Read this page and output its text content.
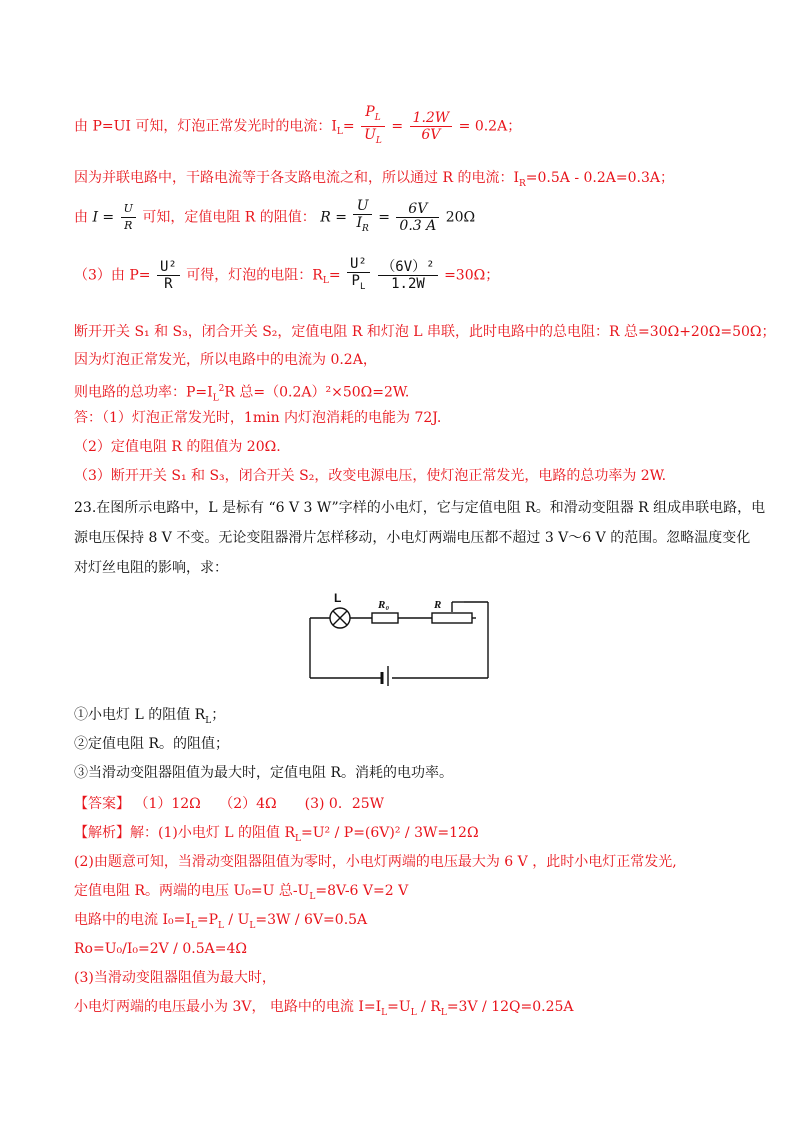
由 P=UI 可知，灯泡正常发光时的电流：$I_L= \frac{P_L}{U_L} = \frac{1.2W}{6V} = 0.2A$；
因为并联电路中，干路电流等于各支路电流之和，所以通过 R 的电流：$I_R=0.5A - 0.2A=0.3A$；
由 $I = \frac{U}{R}$ 可知，定值电阻 R 的阻值： $R = \frac{U}{I_R} = \frac{6V}{0.3 A} 20\Omega$
（3）由 $P= \frac{\text{U²}}{R}$ 可得，灯泡的电阻：$R_L= \frac{\text{U²}}{P_L}$
$\frac{\text{（6V）²}}{1.2W} =30\Omega$；
断开开关 S₁ 和 S₃，闭合开关 S₂，定值电阻 R 和灯泡 L 串联，此时电路中的总电阻：R 总=30Ω+20Ω=50Ω；
因为灯泡正常发光，所以电路中的电流为 0.2A，
则电路的总功率：$P=I_L^2R$ 总=（0.2A）²×50Ω=2W.
答：（1）灯泡正常发光时，1min 内灯泡消耗的电能为 72J.
（2）定值电阻 R 的阻值为 20Ω.
（3）断开开关 S₁ 和 S₃，闭合开关 S₂，改变电源电压，使灯泡正常发光，电路的总功率为 2W.
23.在图所示电路中，L 是标有 “6 V 3 W”字样的小电灯，它与定值电阻 R。和滑动变阻器 R 组成串联电路，电
源电压保持 8 V 不变。无论变阻器滑片怎样移动，小电灯两端电压都不超过 3 V～6 V 的范围。忽略温度变化
对灯丝电阻的影响，求：
L	R₀	R
①小电灯 L 的阻值 $R_L$；
②定值电阻 R。的阻值；
③当滑动变阻器阻值为最大时，定值电阻 R。消耗的电功率。
【答案】 （1）12Ω　 （2）4Ω　　(3) 0．25W
【解析】解：(1)小电灯 L 的阻值 $R_L=U^2 / P=(6V)^2 / 3W=12\Omega$
(2)由题意可知，当滑动变阻器阻值为零时，小电灯两端的电压最大为 6 V ，此时小电灯正常发光,
定值电阻 R。两端的电压 U₀=U 总$-U_L=8V-6$ V=2 V
电路中的电流 $I_0=I_L=P_L / U_L=3W / 6V=0.5A$
Ro=U₀/I₀=2V / 0.5A=4Ω
(3)当滑动变阻器阻值为最大时，
小电灯两端的电压最小为 3V， 电路中的电流 $I=I_L=U_L / R_L=3V / 12Q=0.25A$
